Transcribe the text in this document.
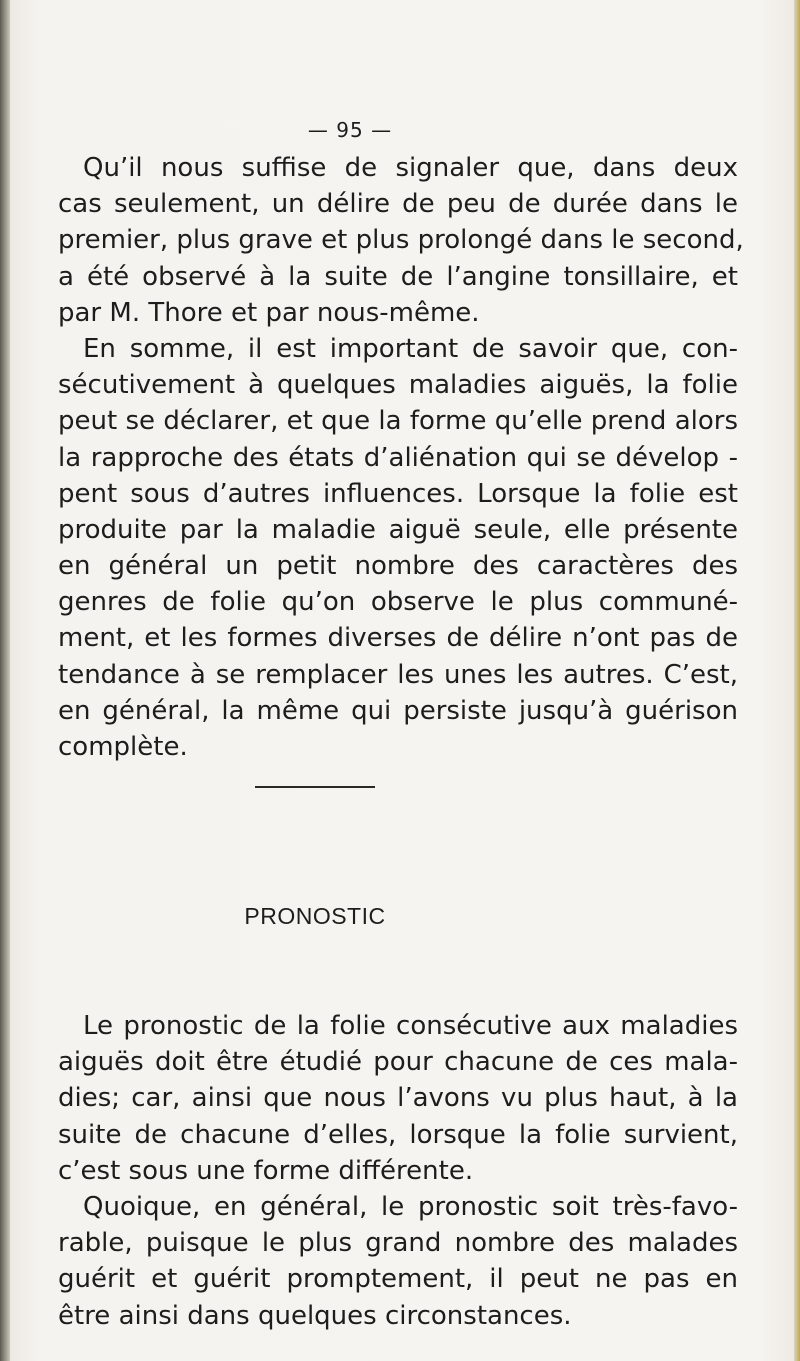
— 95 —
Qu’il nous suffise de signaler que, dans deux
cas seulement, un délire de peu de durée dans le
premier, plus grave et plus prolongé dans le second,
a été observé à la suite de l’angine tonsillaire, et
par M. Thore et par nous-même.
En somme, il est important de savoir que, con-
sécutivement à quelques maladies aiguës, la folie
peut se déclarer, et que la forme qu’elle prend alors
la rapproche des états d’aliénation qui se dévelop -
pent sous d’autres influences. Lorsque la folie est
produite par la maladie aiguë seule, elle présente
en général un petit nombre des caractères des
genres de folie qu’on observe le plus communé-
ment, et les formes diverses de délire n’ont pas de
tendance à se remplacer les unes les autres. C’est,
en général, la même qui persiste jusqu’à guérison
complète.
PRONOSTIC
Le pronostic de la folie consécutive aux maladies
aiguës doit être étudié pour chacune de ces mala-
dies; car, ainsi que nous l’avons vu plus haut, à la
suite de chacune d’elles, lorsque la folie survient,
c’est sous une forme différente.
Quoique, en général, le pronostic soit très-favo-
rable, puisque le plus grand nombre des malades
guérit et guérit promptement, il peut ne pas en
être ainsi dans quelques circonstances.
